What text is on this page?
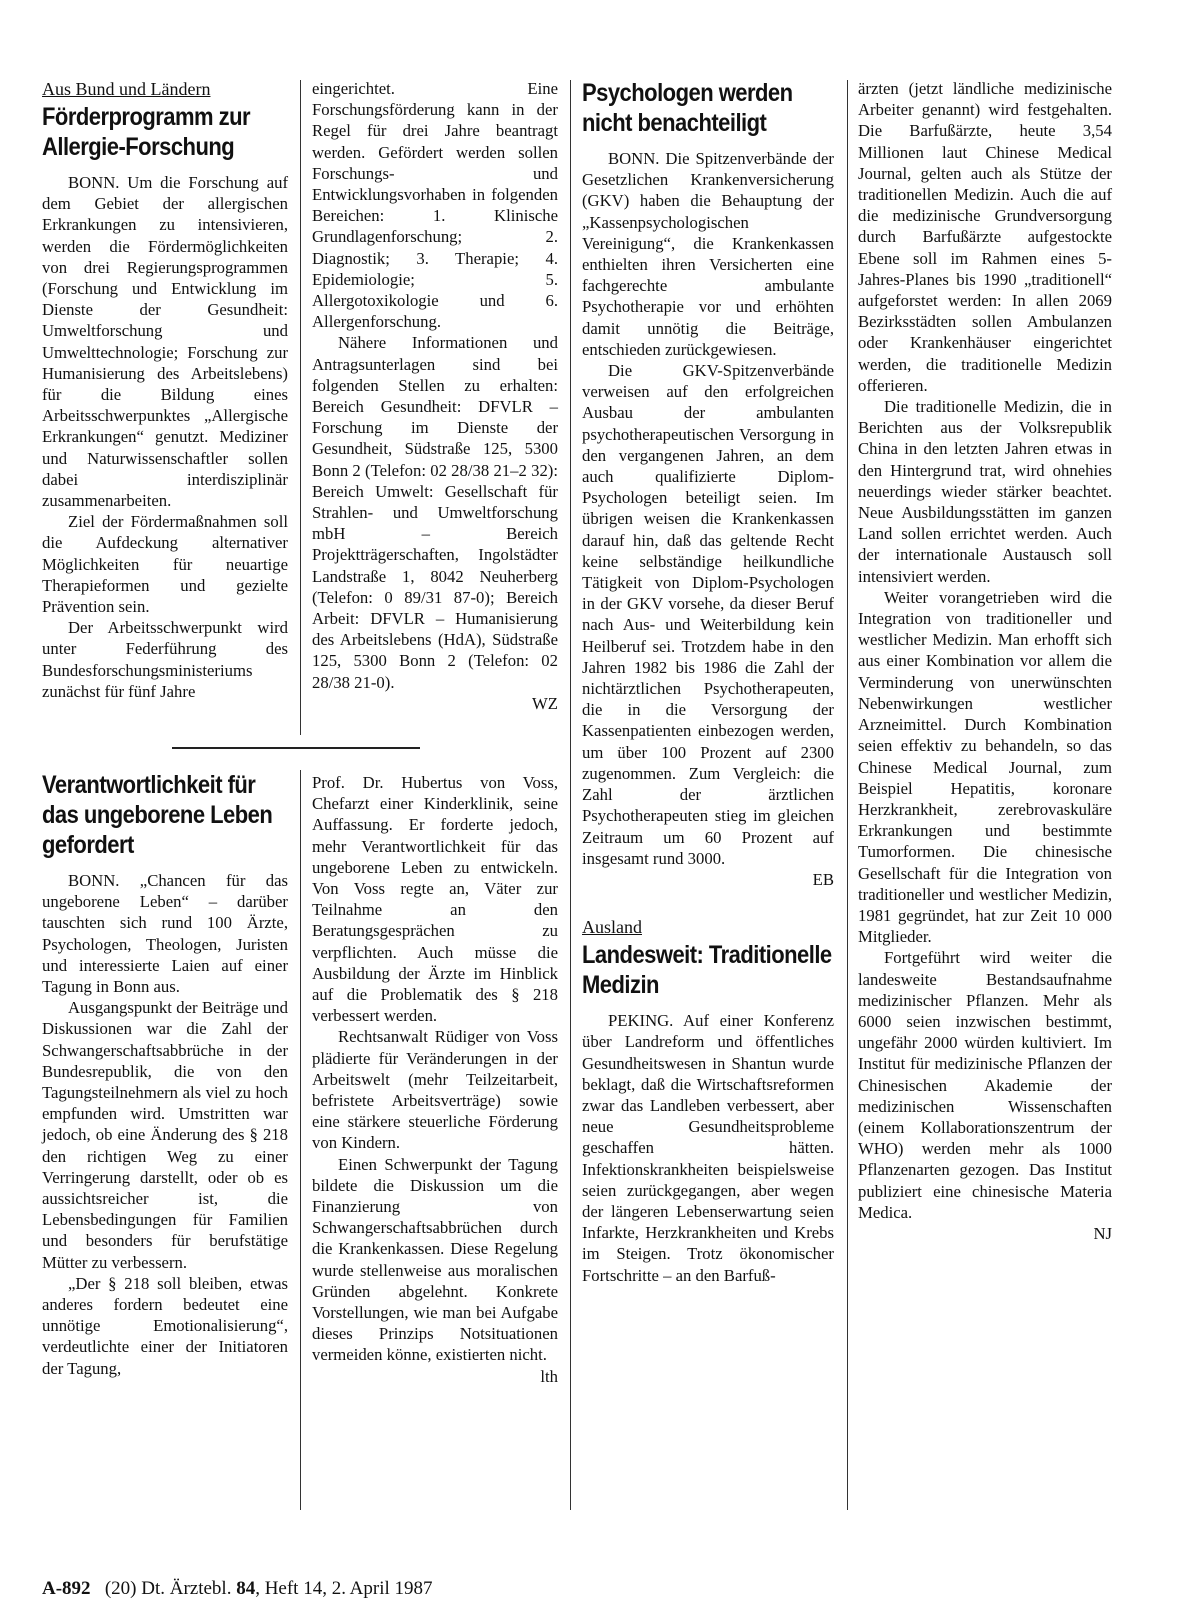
Aus Bund und Ländern
Förderprogramm zur Allergie-Forschung

BONN. Um die Forschung auf dem Gebiet der allergischen Erkrankungen zu intensivieren, werden die Fördermöglichkeiten von drei Regierungsprogrammen (Forschung und Entwicklung im Dienste der Gesundheit: Umweltforschung und Umwelttechnologie; Forschung zur Humanisierung des Arbeitslebens) für die Bildung eines Arbeitsschwerpunktes „Allergische Erkrankungen“ genutzt. Mediziner und Naturwissenschaftler sollen dabei interdisziplinär zusammenarbeiten.

Ziel der Fördermaßnahmen soll die Aufdeckung alternativer Möglichkeiten für neuartige Therapieformen und gezielte Prävention sein.

Der Arbeitsschwerpunkt wird unter Federführung des Bundesforschungsministeriums zunächst für fünf Jahre

eingerichtet. Eine Forschungsförderung kann in der Regel für drei Jahre beantragt werden. Gefördert werden sollen Forschungs- und Entwicklungsvorhaben in folgenden Bereichen: 1. Klinische Grundlagenforschung; 2. Diagnostik; 3. Therapie; 4. Epidemiologie; 5. Allergotoxikologie und 6. Allergenforschung.

Nähere Informationen und Antragsunterlagen sind bei folgenden Stellen zu erhalten: Bereich Gesundheit: DFVLR – Forschung im Dienste der Gesundheit, Südstraße 125, 5300 Bonn 2 (Telefon: 02 28/38 21–2 32): Bereich Umwelt: Gesellschaft für Strahlen- und Umweltforschung mbH – Bereich Projektträgerschaften, Ingolstädter Landstraße 1, 8042 Neuherberg (Telefon: 0 89/31 87-0); Bereich Arbeit: DFVLR – Humanisierung des Arbeitslebens (HdA), Südstraße 125, 5300 Bonn 2 (Telefon: 02 28/38 21-0).

WZ
Verantwortlichkeit für das ungeborene Leben gefordert

BONN. „Chancen für das ungeborene Leben“ – darüber tauschten sich rund 100 Ärzte, Psychologen, Theologen, Juristen und interessierte Laien auf einer Tagung in Bonn aus.

Ausgangspunkt der Beiträge und Diskussionen war die Zahl der Schwangerschaftsabbrüche in der Bundesrepublik, die von den Tagungsteilnehmern als viel zu hoch empfunden wird. Umstritten war jedoch, ob eine Änderung des § 218 den richtigen Weg zu einer Verringerung darstellt, oder ob es aussichtsreicher ist, die Lebensbedingungen für Familien und besonders für berufstätige Mütter zu verbessern.

„Der § 218 soll bleiben, etwas anderes fordern bedeutet eine unnötige Emotionalisierung“, verdeutlichte einer der Initiatoren der Tagung,

Prof. Dr. Hubertus von Voss, Chefarzt einer Kinderklinik, seine Auffassung. Er forderte jedoch, mehr Verantwortlichkeit für das ungeborene Leben zu entwickeln. Von Voss regte an, Väter zur Teilnahme an den Beratungsgesprächen zu verpflichten. Auch müsse die Ausbildung der Ärzte im Hinblick auf die Problematik des § 218 verbessert werden.

Rechtsanwalt Rüdiger von Voss plädierte für Veränderungen in der Arbeitswelt (mehr Teilzeitarbeit, befristete Arbeitsverträge) sowie eine stärkere steuerliche Förderung von Kindern.

Einen Schwerpunkt der Tagung bildete die Diskussion um die Finanzierung von Schwangerschaftsabbrüchen durch die Krankenkassen. Diese Regelung wurde stellenweise aus moralischen Gründen abgelehnt. Konkrete Vorstellungen, wie man bei Aufgabe dieses Prinzips Notsituationen vermeiden könne, existierten nicht.

lth
Psychologen werden nicht benachteiligt

BONN. Die Spitzenverbände der Gesetzlichen Krankenversicherung (GKV) haben die Behauptung der „Kassenpsychologischen Vereinigung“, die Krankenkassen enthielten ihren Versicherten eine fachgerechte ambulante Psychotherapie vor und erhöhten damit unnötig die Beiträge, entschieden zurückgewiesen.

Die GKV-Spitzenverbände verweisen auf den erfolgreichen Ausbau der ambulanten psychotherapeutischen Versorgung in den vergangenen Jahren, an dem auch qualifizierte Diplom-Psychologen beteiligt seien. Im übrigen weisen die Krankenkassen darauf hin, daß das geltende Recht keine selbständige heilkundliche Tätigkeit von Diplom-Psychologen in der GKV vorsehe, da dieser Beruf nach Aus- und Weiterbildung kein Heilberuf sei. Trotzdem habe in den Jahren 1982 bis 1986 die Zahl der nichtärztlichen Psychotherapeuten, die in die Versorgung der Kassenpatienten einbezogen werden, um über 100 Prozent auf 2300 zugenommen. Zum Vergleich: die Zahl der ärztlichen Psychotherapeuten stieg im gleichen Zeitraum um 60 Prozent auf insgesamt rund 3000.

EB
Ausland
Landesweit: Traditionelle Medizin

PEKING. Auf einer Konferenz über Landreform und öffentliches Gesundheitswesen in Shantun wurde beklagt, daß die Wirtschaftsreformen zwar das Landleben verbessert, aber neue Gesundheitsprobleme geschaffen hätten. Infektionskrankheiten beispielsweise seien zurückgegangen, aber wegen der längeren Lebenserwartung seien Infarkte, Herzkrankheiten und Krebs im Steigen. Trotz ökonomischer Fortschritte – an den Barfuß-

ärzten (jetzt ländliche medizinische Arbeiter genannt) wird festgehalten. Die Barfußärzte, heute 3,54 Millionen laut Chinese Medical Journal, gelten auch als Stütze der traditionellen Medizin. Auch die auf die medizinische Grundversorgung durch Barfußärzte aufgestockte Ebene soll im Rahmen eines 5-Jahres-Planes bis 1990 „traditionell“ aufgeforstet werden: In allen 2069 Bezirksstädten sollen Ambulanzen oder Krankenhäuser eingerichtet werden, die traditionelle Medizin offerieren.

Die traditionelle Medizin, die in Berichten aus der Volksrepublik China in den letzten Jahren etwas in den Hintergrund trat, wird ohnehies neuerdings wieder stärker beachtet. Neue Ausbildungsstätten im ganzen Land sollen errichtet werden. Auch der internationale Austausch soll intensiviert werden.

Weiter vorangetrieben wird die Integration von traditioneller und westlicher Medizin. Man erhofft sich aus einer Kombination vor allem die Verminderung von unerwünschten Nebenwirkungen westlicher Arzneimittel. Durch Kombination seien effektiv zu behandeln, so das Chinese Medical Journal, zum Beispiel Hepatitis, koronare Herzkrankheit, zerebrovaskuläre Erkrankungen und bestimmte Tumorformen. Die chinesische Gesellschaft für die Integration von traditioneller und westlicher Medizin, 1981 gegründet, hat zur Zeit 10 000 Mitglieder.

Fortgeführt wird weiter die landesweite Bestandsaufnahme medizinischer Pflanzen. Mehr als 6000 seien inzwischen bestimmt, ungefähr 2000 würden kultiviert. Im Institut für medizinische Pflanzen der Chinesischen Akademie der medizinischen Wissenschaften (einem Kollaborationszentrum der WHO) werden mehr als 1000 Pflanzenarten gezogen. Das Institut publiziert eine chinesische Materia Medica.

NJ
A-892 (20) Dt. Ärztebl. 84, Heft 14, 2. April 1987
